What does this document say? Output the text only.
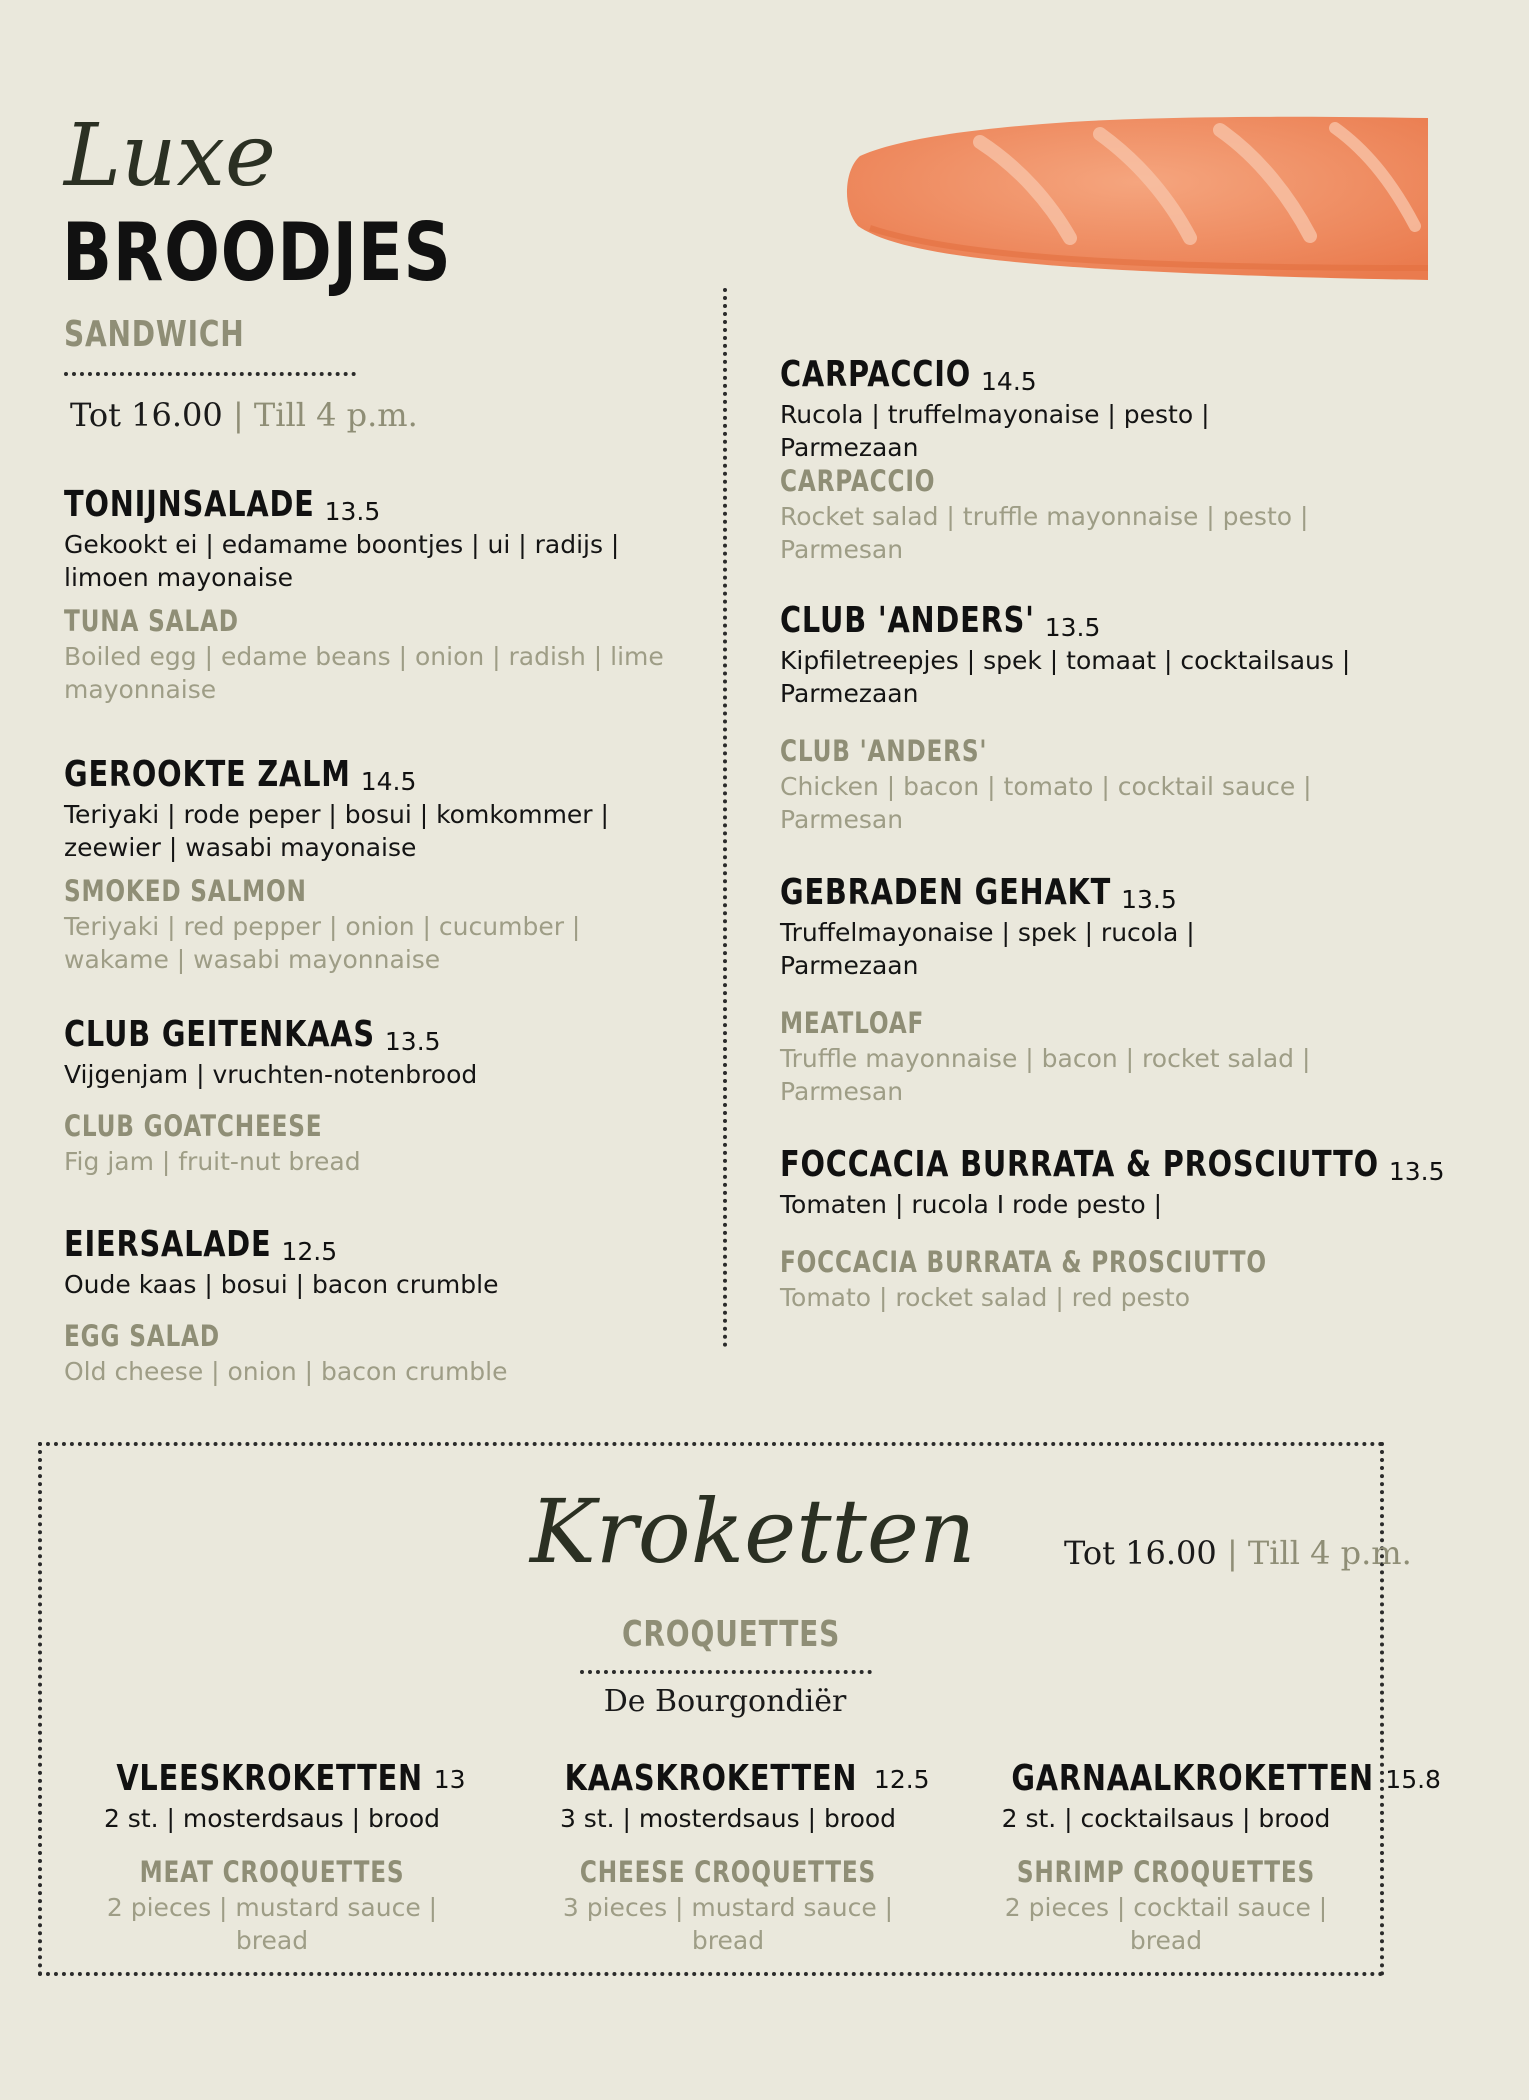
Luxe
BROODJES
SANDWICH
Tot 16.00 | Till 4 p.m.
TONIJNSALADE 13.5
Gekookt ei | edamame boontjes | ui | radijs | limoen mayonaise
TUNA SALAD
Boiled egg | edame beans | onion | radish | lime mayonnaise
GEROOKTE ZALM 14.5
Teriyaki | rode peper | bosui | komkommer | zeewier | wasabi mayonaise
SMOKED SALMON
Teriyaki | red pepper | onion | cucumber | wakame | wasabi mayonnaise
CLUB GEITENKAAS 13.5
Vijgenjam | vruchten-notenbrood
CLUB GOATCHEESE
Fig jam | fruit-nut bread
EIERSALADE 12.5
Oude kaas | bosui | bacon crumble
EGG SALAD
Old cheese | onion | bacon crumble
CARPACCIO 14.5
Rucola | truffelmayonaise | pesto | Parmezaan
CARPACCIO
Rocket salad | truffle mayonnaise | pesto | Parmesan
CLUB 'ANDERS' 13.5
Kipfiletreepjes | spek | tomaat | cocktailsaus | Parmezaan
CLUB 'ANDERS'
Chicken | bacon | tomato | cocktail sauce | Parmesan
GEBRADEN GEHAKT 13.5
Truffelmayonaise | spek | rucola | Parmezaan
MEATLOAF
Truffle mayonnaise | bacon | rocket salad | Parmesan
FOCCACIA BURRATA & PROSCIUTTO 13.5
Tomaten | rucola I rode pesto |
FOCCACIA BURRATA & PROSCIUTTO
Tomato | rocket salad | red pesto
Kroketten	Tot 16.00 | Till 4 p.m.
CROQUETTES
De Bourgondiër
VLEESKROKETTEN 13
2 st. | mosterdsaus | brood
MEAT CROQUETTES
2 pieces | mustard sauce | bread
KAASKROKETTEN 12.5
3 st. | mosterdsaus | brood
CHEESE CROQUETTES
3 pieces | mustard sauce | bread
GARNAALKROKETTEN 15.8
2 st. | cocktailsaus | brood
SHRIMP CROQUETTES
2 pieces | cocktail sauce | bread
